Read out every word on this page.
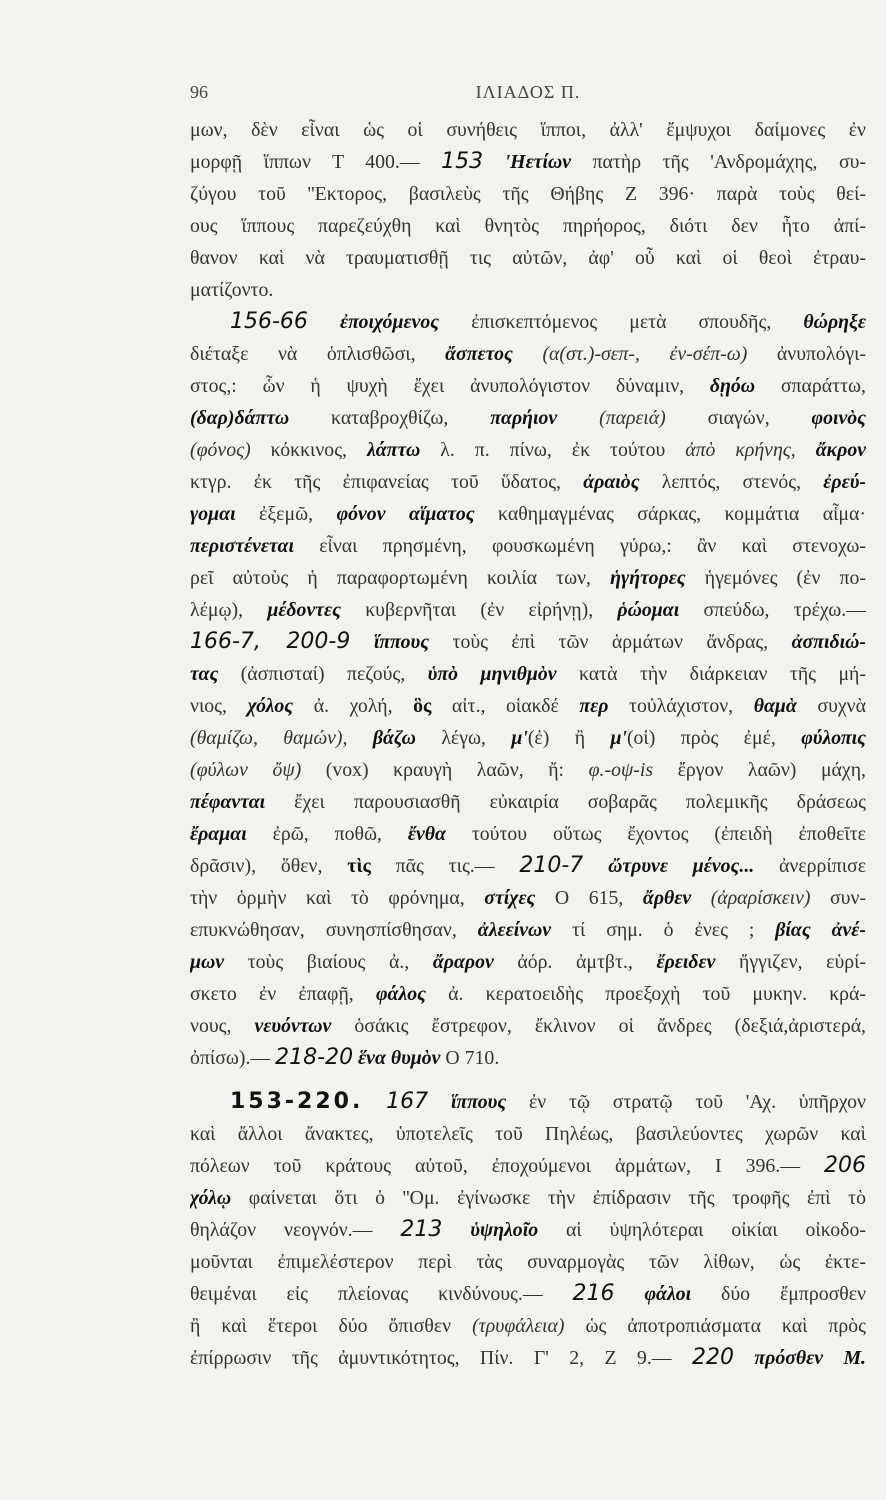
96	ΙΛΙΑΔΟΣ Π.
μων, δὲν εἶναι ὡς οἱ συνήθεις ἵπποι, ἀλλ' ἔμψυχοι δαίμονες ἐν
μορφῇ ἵππων Τ 400.— 153 'Ηετίων πατὴρ τῆς 'Ανδρομάχης, συ-
ζύγου τοῦ ''Εκτορος, βασιλεὺς τῆς Θήβης Ζ 396· παρὰ τοὺς θεί-
ους ἵππους παρεζεύχθη καὶ θνητὸς πηρήορος, διότι δεν ἦτο ἀπί-
θανον καὶ νὰ τραυματισθῇ τις αὐτῶν, ἀφ' οὗ καὶ οἱ θεοὶ ἐτραυ-
ματίζοντο.
156-66 ἐποιχόμενος ἐπισκεπτόμενος μετὰ σπουδῆς, θώρηξε
διέταξε νὰ ὁπλισθῶσι, ἄσπετος (α(στ.)-σεπ-, ἐν-σέπ-ω) ἀνυπολόγι-
στος,: ὧν ἡ ψυχὴ ἔχει ἀνυπολόγιστον δύναμιν, δῃόω σπαράττω,
(δαρ)δάπτω καταβροχθίζω, παρήιον (παρειά) σιαγών, φοινὸς
(φόνος) κόκκινος, λάπτω λ. π. πίνω, ἐκ τούτου ἀπὸ κρήνης, ἄκρον
κτγρ. ἐκ τῆς ἐπιφανείας τοῦ ὕδατος, ἀραιὸς λεπτός, στενός, ἐρεύ-
γομαι ἐξεμῶ, φόνον αἵματος καθημαγμένας σάρκας, κομμάτια αἷμα·
περιστένεται εἶναι πρησμένη, φουσκωμένη γύρω,: ἂν καὶ στενοχω-
ρεῖ αὐτοὺς ἡ παραφορτωμένη κοιλία των, ἡγήτορες ἡγεμόνες (ἐν πο-
λέμῳ), μέδοντες κυβερνῆται (ἐν εἰρήνῃ), ῥώομαι σπεύδω, τρέχω.—
166-7, 200-9 ἵππους τοὺς ἐπὶ τῶν ἁρμάτων ἄνδρας, ἀσπιδιώ-
τας (ἀσπισταί) πεζούς, ὑπὸ μηνιθμὸν κατὰ τὴν διάρκειαν τῆς μή-
νιος, χόλος ἀ. χολή, ὃς αἰτ., οἱακδέ περ τοὐλάχιστον, θαμὰ συχνὰ
(θαμίζω, θαμών), βάζω λέγω, μ'(ἐ) ἢ μ'(οἱ) πρὸς ἐμέ, φύλοπις
(φύλων ὄψ) (vox) κραυγὴ λαῶν, ἤ: φ.-οψ-is ἔργον λαῶν) μάχη,
πέφανται ἔχει παρουσιασθῆ εὐκαιρία σοβαρᾶς πολεμικῆς δράσεως
ἔραμαι ἐρῶ, ποθῶ, ἔνθα τούτου οὕτως ἔχοντος (ἐπειδὴ ἐποθεῖτε
δρᾶσιν), ὅθεν, τὶς πᾶς τις.— 210-7 ὤτρυνε μένος... ἀνερρίπισε
τὴν ὁρμὴν καὶ τὸ φρόνημα, στίχες Ο 615, ἄρθεν (ἀραρίσκειν) συν-
επυκνώθησαν, συνησπίσθησαν, ἀλεείνων τί σημ. ὁ ἐνες ; βίας ἀνέ-
μων τοὺς βιαίους ἀ., ἄραρον ἀόρ. ἀμτβτ., ἔρειδεν ἤγγιζεν, εὑρί-
σκετο ἐν ἐπαφῇ, φάλος ἀ. κερατοειδὴς προεξοχὴ τοῦ μυκην. κρά-
νους, νευόντων ὁσάκις ἔστρεφον, ἔκλινον οἱ ἄνδρες (δεξιά,ἀριστερά,
ὀπίσω).— 218-20 ἕνα θυμὸν Ο 710.
153-220. 167 ἵππους ἐν τῷ στρατῷ τοῦ 'Αχ. ὑπῆρχον
καὶ ἄλλοι ἄνακτες, ὑποτελεῖς τοῦ Πηλέως, βασιλεύοντες χωρῶν καὶ
πόλεων τοῦ κράτους αὐτοῦ, ἐποχούμενοι ἁρμάτων, Ι 396.— 206
χόλῳ φαίνεται ὅτι ὁ ''Ομ. ἐγίνωσκε τὴν ἐπίδρασιν τῆς τροφῆς ἐπὶ τὸ
θηλάζον νεογνόν.— 213 ὑψηλοῖο αἱ ὑψηλότεραι οἰκίαι οἰκοδο-
μοῦνται ἐπιμελέστερον περὶ τὰς συναρμογὰς τῶν λίθων, ὡς ἐκτε-
θειμέναι εἰς πλείονας κινδύνους.— 216 φάλοι δύο ἔμπροσθεν
ἢ καὶ ἕτεροι δύο ὄπισθεν (τρυφάλεια) ὡς ἀποτροπιάσματα καὶ πρὸς
ἐπίρρωσιν τῆς ἀμυντικότητος, Πίν. Γ' 2, Ζ 9.— 220 πρόσθεν Μ.
